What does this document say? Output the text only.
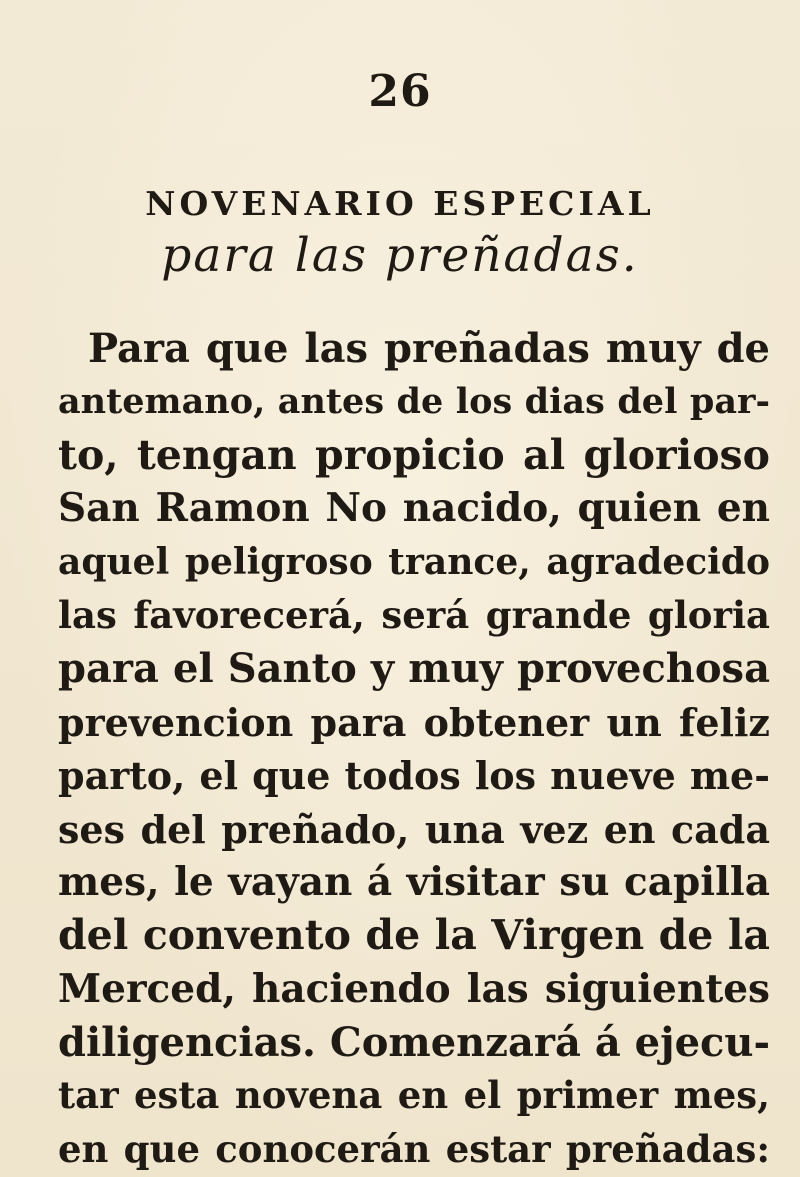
26
NOVENARIO ESPECIAL
para las preñadas.
Para que las preñadas muy de
antemano, antes de los dias del par-
to, tengan propicio al glorioso
San Ramon No nacido, quien en
aquel peligroso trance, agradecido
las favorecerá, será grande gloria
para el Santo y muy provechosa
prevencion para obtener un feliz
parto, el que todos los nueve me-
ses del preñado, una vez en cada
mes, le vayan á visitar su capilla
del convento de la Virgen de la
Merced, haciendo las siguientes
diligencias. Comenzará á ejecu-
tar esta novena en el primer mes,
en que conocerán estar preñadas:
